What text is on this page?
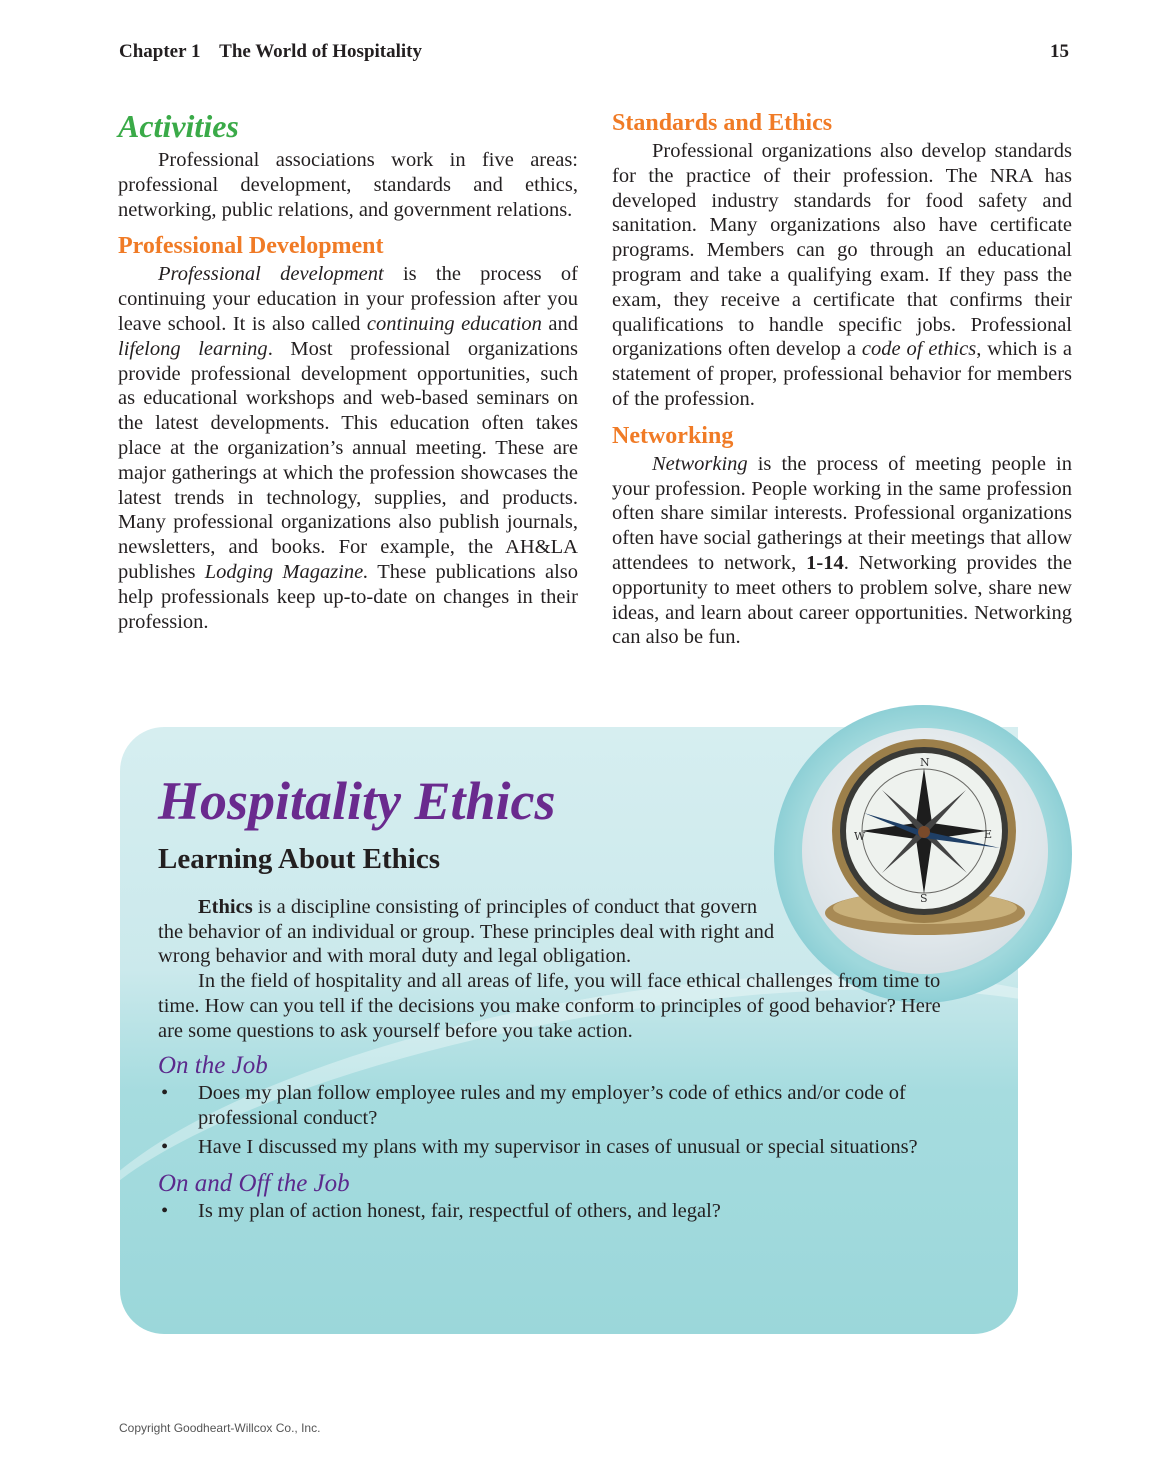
Chapter 1 The World of Hospitality	15
Activities

Professional associations work in five areas: professional development, standards and ethics, networking, public relations, and government relations.

Professional Development

Professional development is the process of continuing your education in your profession after you leave school. It is also called continuing education and lifelong learning. Most professional organizations provide professional development opportunities, such as educational workshops and web-based seminars on the latest developments. This education often takes place at the organization’s annual meeting. These are major gatherings at which the profession showcases the latest trends in technology, supplies, and products. Many professional organizations also publish journals, newsletters, and books. For example, the AH&LA publishes Lodging Magazine. These publications also help professionals keep up-to-date on changes in their profession.

Standards and Ethics

Professional organizations also develop standards for the practice of their profession. The NRA has developed industry standards for food safety and sanitation. Many organizations also have certificate programs. Members can go through an educational program and take a qualifying exam. If they pass the exam, they receive a certificate that confirms their qualifications to handle specific jobs. Professional organizations often develop a code of ethics, which is a statement of proper, professional behavior for members of the profession.

Networking

Networking is the process of meeting people in your profession. People working in the same profession often share similar interests. Professional organizations often have social gatherings at their meetings that allow attendees to network, 1-14. Networking provides the opportunity to meet others to problem solve, share new ideas, and learn about career opportunities. Networking can also be fun.

E
W
S
N
Hospitality Ethics
Learning About Ethics

Ethics is a discipline consisting of principles of conduct that govern the behavior of an individual or group. These principles deal with right and wrong behavior and with moral duty and legal obligation.

In the field of hospitality and all areas of life, you will face ethical challenges from time to time. How can you tell if the decisions you make conform to principles of good behavior? Here are some questions to ask yourself before you take action.

On the Job
• Does my plan follow employee rules and my employer’s code of ethics and/or code of professional conduct?
• Have I discussed my plans with my supervisor in cases of unusual or special situations?
On and Off the Job
• Is my plan of action honest, fair, respectful of others, and legal?
Copyright Goodheart-Willcox Co., Inc.
